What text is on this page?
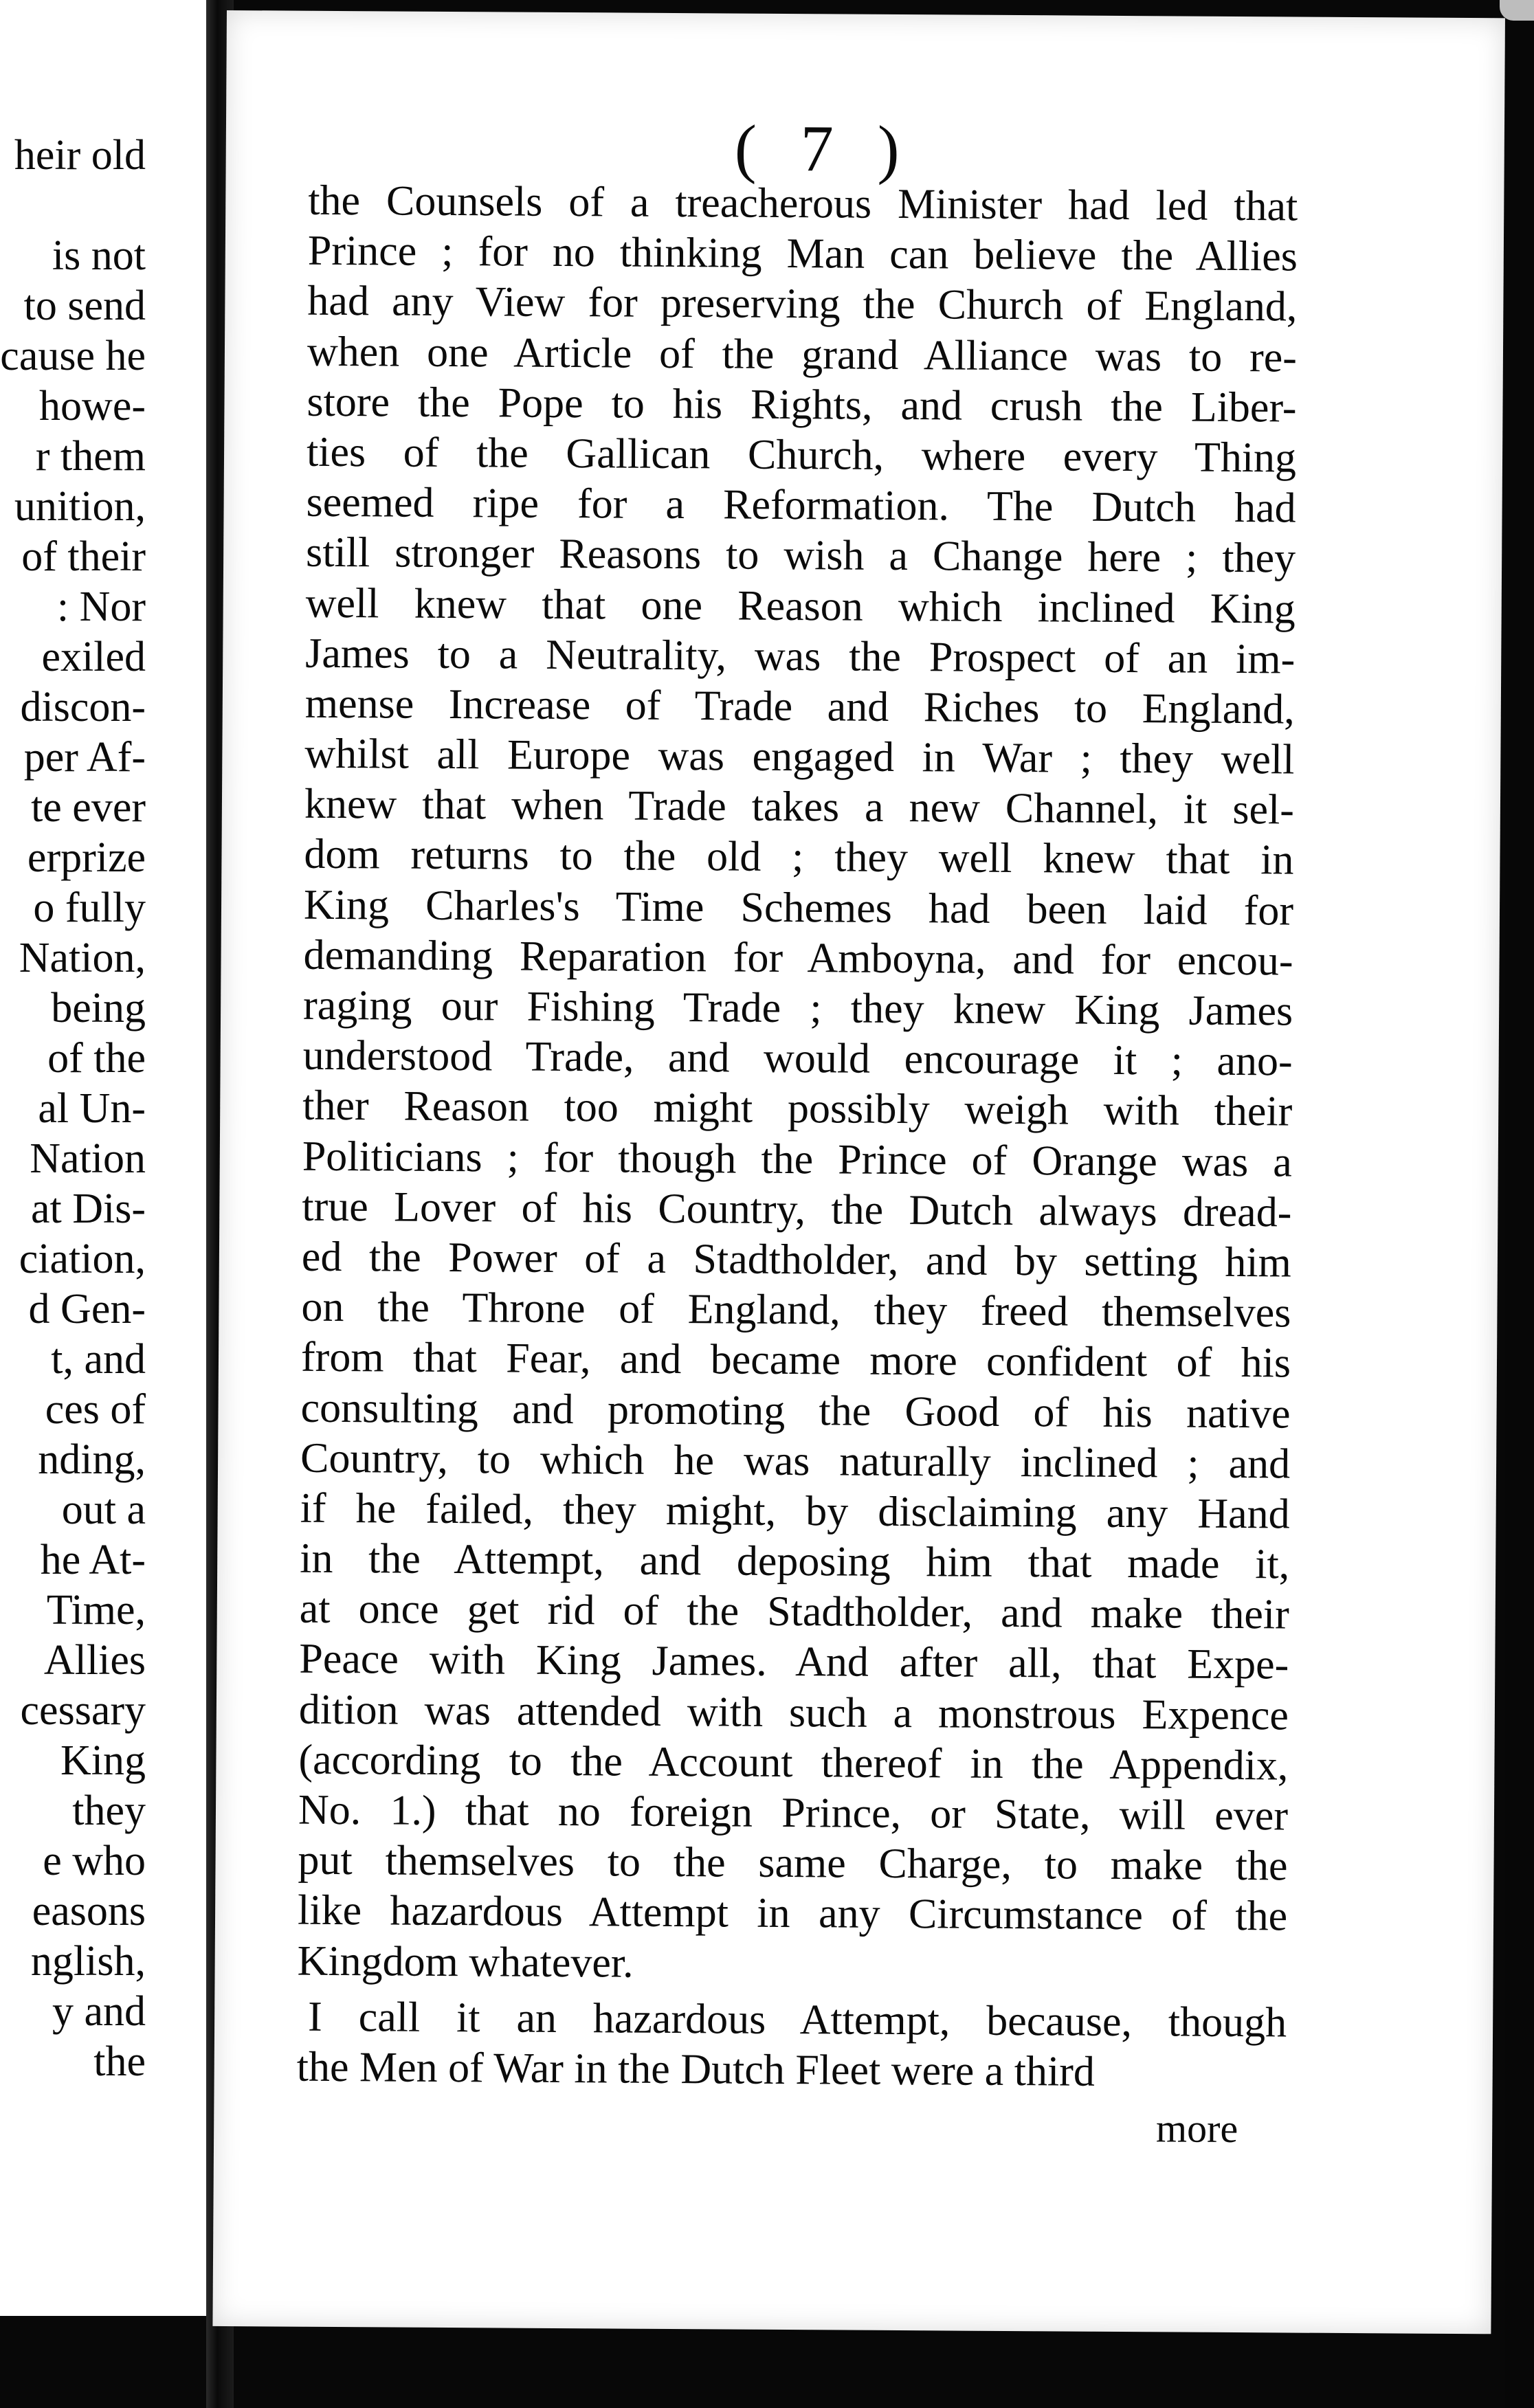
heir old
is not
to send
cause he
howe-
r them
unition,
of their
: Nor
exiled
discon-
per Af-
te ever
erprize
o fully
Nation,
being
of the
al Un-
Nation
at Dis-
ciation,
d Gen-
t, and
ces of
nding,
out a
he At-
Time,
Allies
cessary
King
they
e who
easons
nglish,
y and
the
( 7 )
the Counsels of a treacherous Minister had led that
Prince ; for no thinking Man can believe the Allies
had any View for preserving the Church of England,
when one Article of the grand Alliance was to re-
store the Pope to his Rights, and crush the Liber-
ties of the Gallican Church, where every Thing
seemed ripe for a Reformation. The Dutch had
still stronger Reasons to wish a Change here ; they
well knew that one Reason which inclined King
James to a Neutrality, was the Prospect of an im-
mense Increase of Trade and Riches to England,
whilst all Europe was engaged in War ; they well
knew that when Trade takes a new Channel, it sel-
dom returns to the old ; they well knew that in
King Charles's Time Schemes had been laid for
demanding Reparation for Amboyna, and for encou-
raging our Fishing Trade ; they knew King James
understood Trade, and would encourage it ; ano-
ther Reason too might possibly weigh with their
Politicians ; for though the Prince of Orange was a
true Lover of his Country, the Dutch always dread-
ed the Power of a Stadtholder, and by setting him
on the Throne of England, they freed themselves
from that Fear, and became more confident of his
consulting and promoting the Good of his native
Country, to which he was naturally inclined ; and
if he failed, they might, by disclaiming any Hand
in the Attempt, and deposing him that made it,
at once get rid of the Stadtholder, and make their
Peace with King James. And after all, that Expe-
dition was attended with such a monstrous Expence
(according to the Account thereof in the Appendix,
No. 1.) that no foreign Prince, or State, will ever
put themselves to the same Charge, to make the
like hazardous Attempt in any Circumstance of the
Kingdom whatever.
I call it an hazardous Attempt, because, though
the Men of War in the Dutch Fleet were a third
more
